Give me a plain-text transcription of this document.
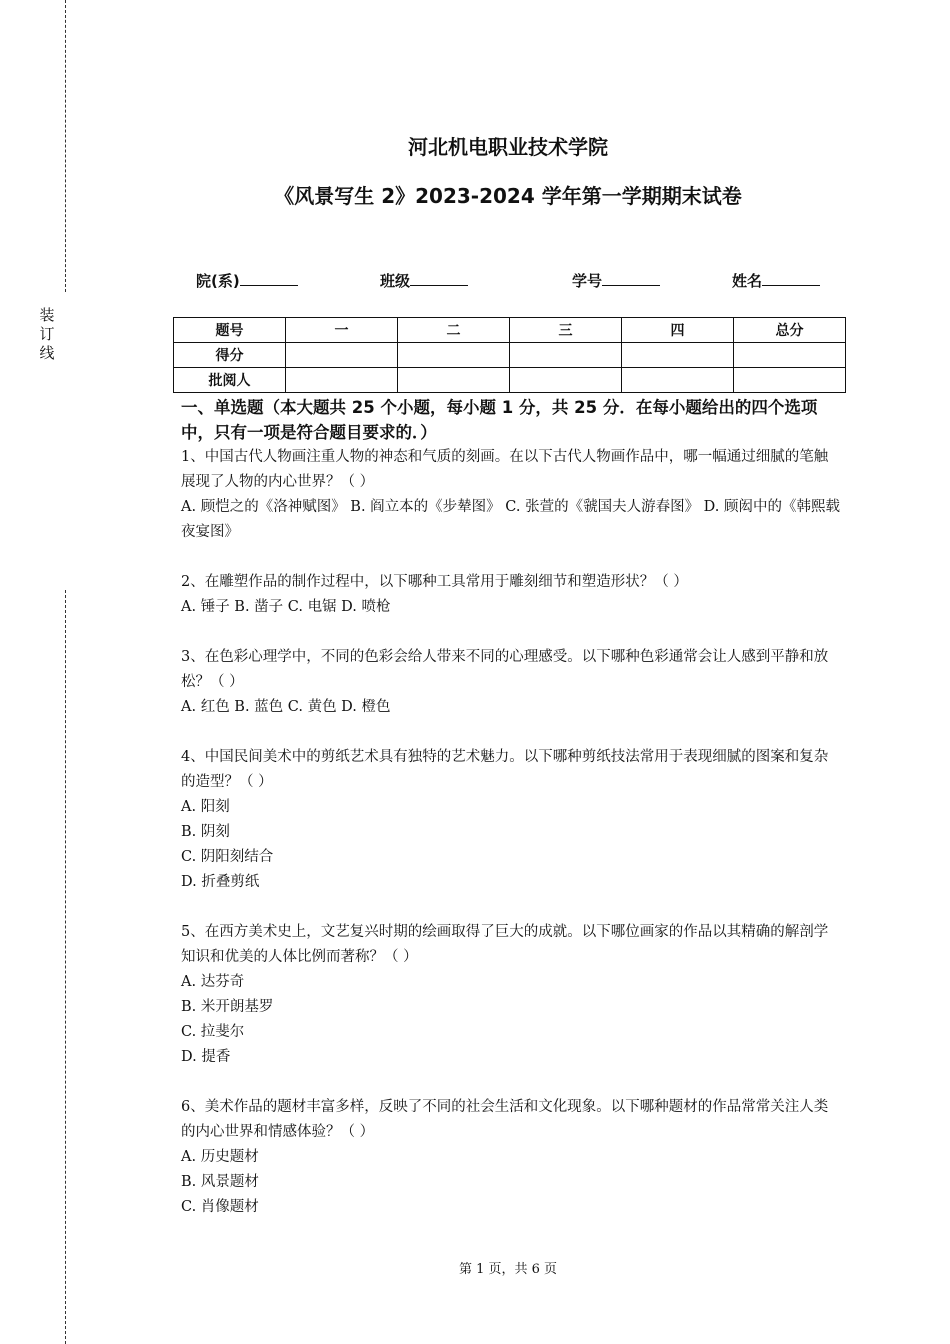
装
订
线
河北机电职业技术学院
《风景写生 2》2023-2024 学年第一学期期末试卷
院(系)	班级	学号	姓名
题号	一	二	三	四	总分
得分					
批阅人					

一、单选题（本大题共 25 个小题，每小题 1 分，共 25 分．在每小题给出的四个选项中，只有一项是符合题目要求的．）

1、中国古代人物画注重人物的神态和气质的刻画。在以下古代人物画作品中，哪一幅通过细腻的笔触展现了人物的内心世界？（ ）

A. 顾恺之的《洛神赋图》 B. 阎立本的《步辇图》 C. 张萱的《虢国夫人游春图》 D. 顾闳中的《韩熙载夜宴图》

2、在雕塑作品的制作过程中，以下哪种工具常用于雕刻细节和塑造形状？（ ）

A. 锤子 B. 凿子 C. 电锯 D. 喷枪

3、在色彩心理学中，不同的色彩会给人带来不同的心理感受。以下哪种色彩通常会让人感到平静和放松？（ ）

A. 红色 B. 蓝色 C. 黄色 D. 橙色

4、中国民间美术中的剪纸艺术具有独特的艺术魅力。以下哪种剪纸技法常用于表现细腻的图案和复杂的造型？（ ）

A. 阳刻

B. 阴刻

C. 阴阳刻结合

D. 折叠剪纸

5、在西方美术史上，文艺复兴时期的绘画取得了巨大的成就。以下哪位画家的作品以其精确的解剖学知识和优美的人体比例而著称？（ ）

A. 达芬奇

B. 米开朗基罗

C. 拉斐尔

D. 提香

6、美术作品的题材丰富多样，反映了不同的社会生活和文化现象。以下哪种题材的作品常常关注人类的内心世界和情感体验？（ ）

A. 历史题材

B. 风景题材

C. 肖像题材

第 1 页，共 6 页
